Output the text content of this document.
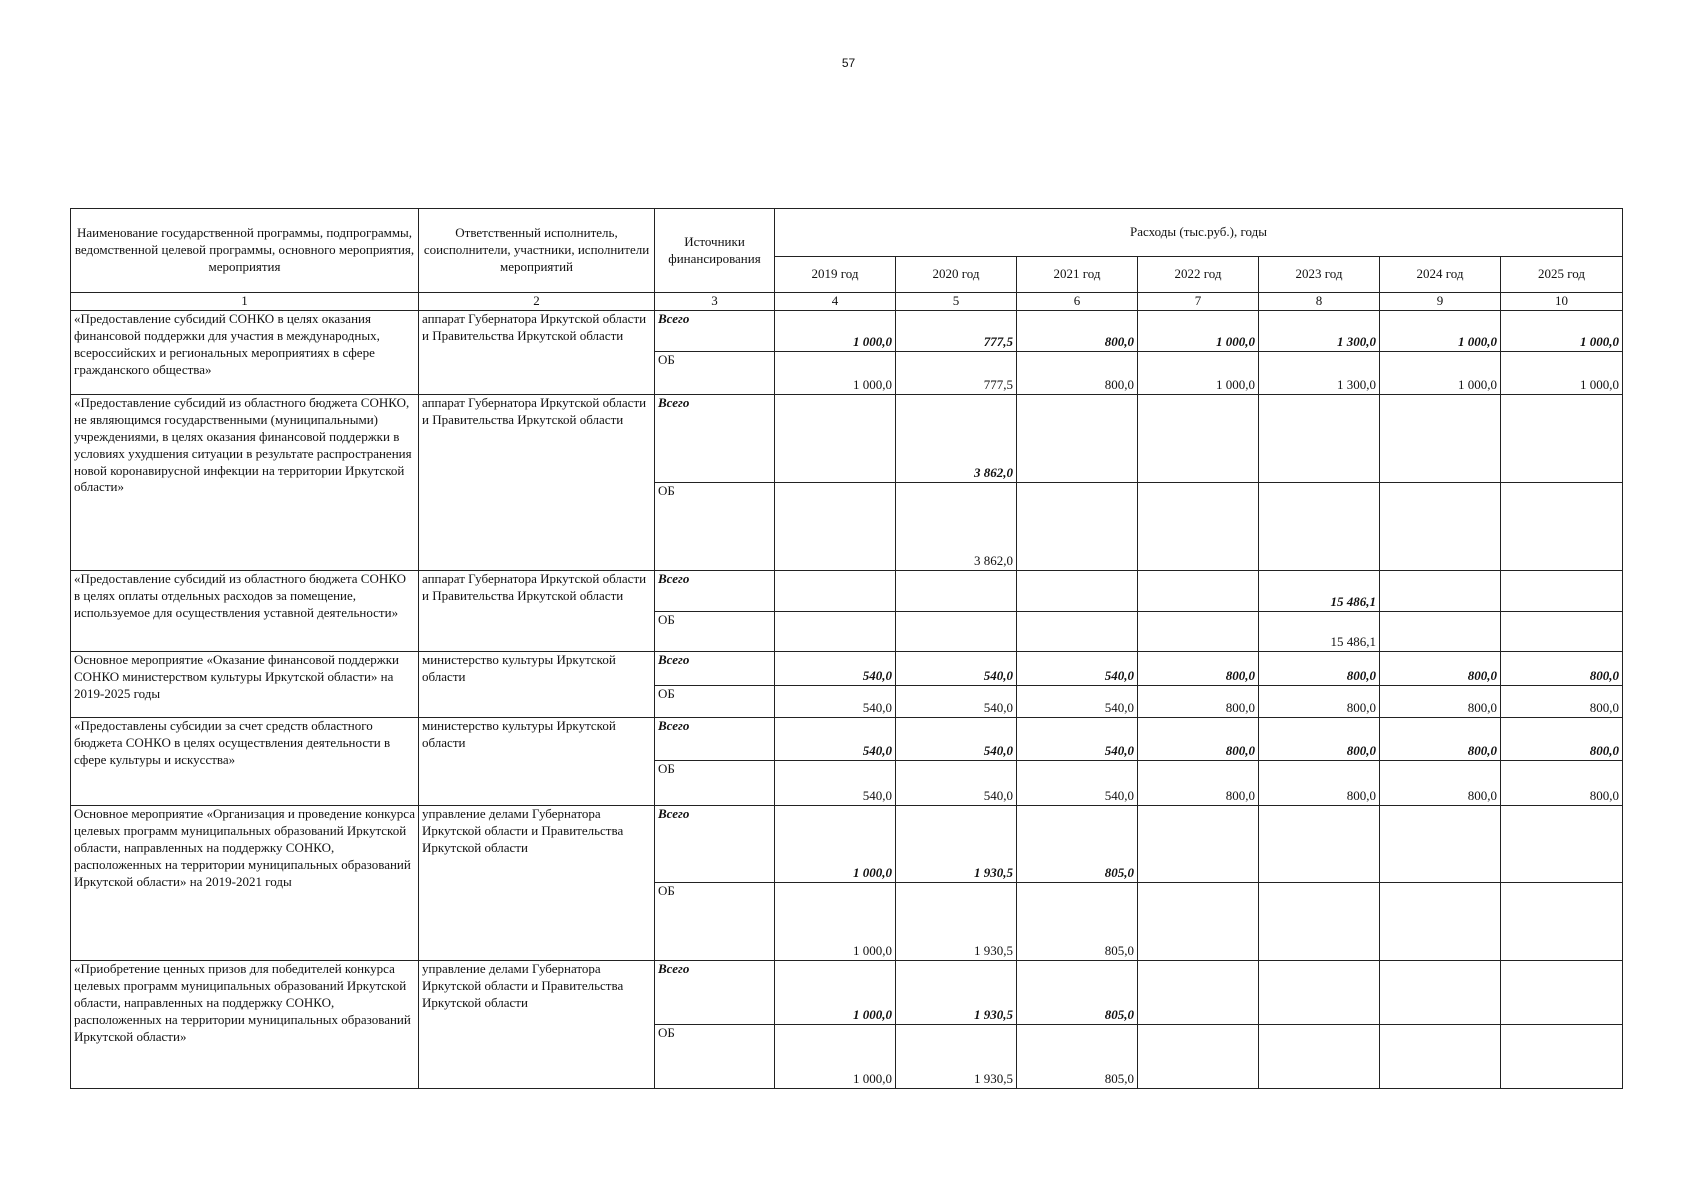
57
Наименование государственной программы, подпрограммы, ведомственной целевой программы, основного мероприятия, мероприятия	Ответственный исполнитель, соисполнители, участники, исполнители мероприятий	Источники финансирования	Расходы (тыс.руб.), годы						
			2019 год	2020 год	2021 год	2022 год	2023 год	2024 год	2025 год
1	2	3	4	5	6	7	8	9	10
«Предоставление субсидий СОНКО в целях оказания финансовой поддержки для участия в международных, всероссийских и региональных мероприятиях в сфере гражданского общества»	аппарат Губернатора Иркутской области и Правительства Иркутской области	Всего	1 000,0	777,5	800,0	1 000,0	1 300,0	1 000,0	1 000,0
		ОБ	1 000,0	777,5	800,0	1 000,0	1 300,0	1 000,0	1 000,0
«Предоставление субсидий из областного бюджета СОНКО, не являющимся государственными (муниципальными) учреждениями, в целях оказания финансовой поддержки в условиях ухудшения ситуации в результате распространения новой коронавирусной инфекции на территории Иркутской области»	аппарат Губернатора Иркутской области и Правительства Иркутской области	Всего		3 862,0					
		ОБ		3 862,0					
«Предоставление субсидий из областного бюджета СОНКО в целях оплаты отдельных расходов за помещение, используемое для осуществления уставной деятельности»	аппарат Губернатора Иркутской области и Правительства Иркутской области	Всего					15 486,1		
		ОБ					15 486,1		
Основное мероприятие «Оказание финансовой поддержки СОНКО министерством культуры Иркутской области» на 2019-2025 годы	министерство культуры Иркутской области	Всего	540,0	540,0	540,0	800,0	800,0	800,0	800,0
		ОБ	540,0	540,0	540,0	800,0	800,0	800,0	800,0
«Предоставлены субсидии за счет средств областного бюджета СОНКО в целях осуществления деятельности в сфере культуры и искусства»	министерство культуры Иркутской области	Всего	540,0	540,0	540,0	800,0	800,0	800,0	800,0
		ОБ	540,0	540,0	540,0	800,0	800,0	800,0	800,0
Основное мероприятие «Организация и проведение конкурса целевых программ муниципальных образований Иркутской области, направленных на поддержку СОНКО, расположенных на территории муниципальных образований Иркутской области» на 2019-2021 годы	управление делами Губернатора Иркутской области и Правительства Иркутской области	Всего	1 000,0	1 930,5	805,0				
		ОБ	1 000,0	1 930,5	805,0				
«Приобретение ценных призов для победителей конкурса целевых программ муниципальных образований Иркутской области, направленных на поддержку СОНКО, расположенных на территории муниципальных образований Иркутской области»	управление делами Губернатора Иркутской области и Правительства Иркутской области	Всего	1 000,0	1 930,5	805,0				
		ОБ	1 000,0	1 930,5	805,0				
